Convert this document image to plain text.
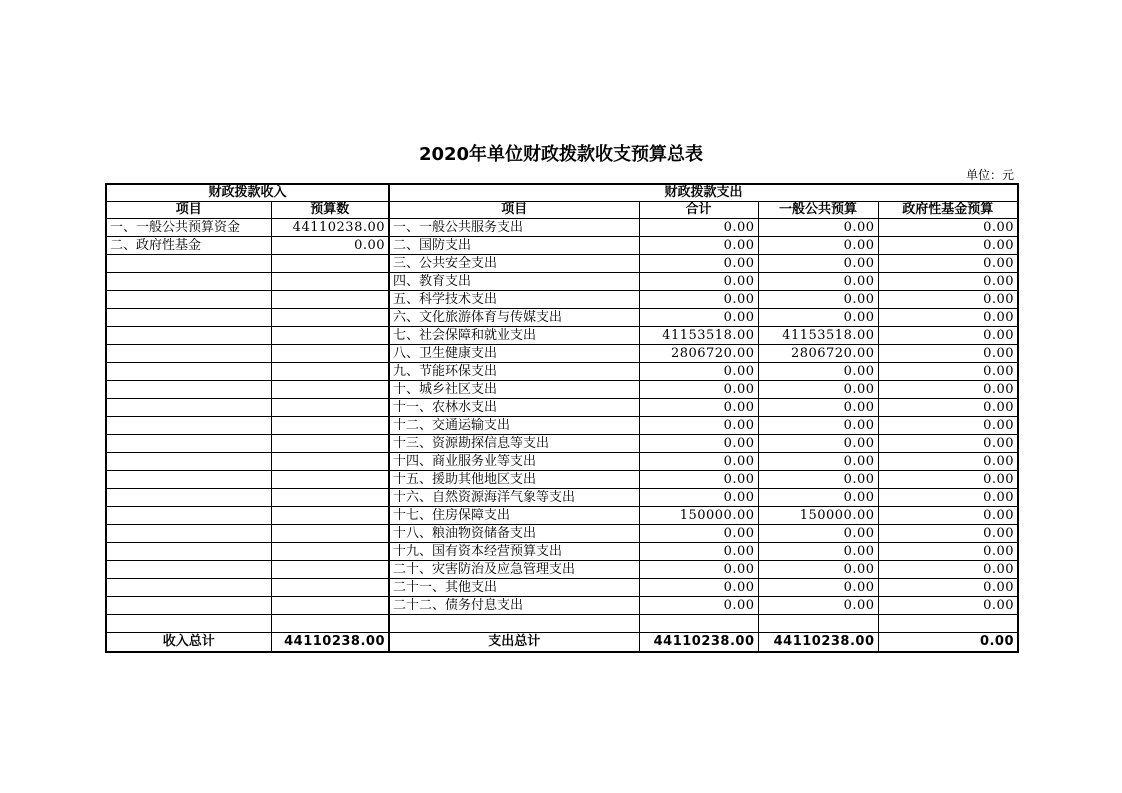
2020年单位财政拨款收支预算总表
单位：元
财政拨款收入		财政拨款支出			
项目	预算数	项目	合计	一般公共预算	政府性基金预算
一、一般公共预算资金	44110238.00	一、一般公共服务支出	0.00	0.00	0.00
二、政府性基金	0.00	二、国防支出	0.00	0.00	0.00
		三、公共安全支出	0.00	0.00	0.00
		四、教育支出	0.00	0.00	0.00
		五、科学技术支出	0.00	0.00	0.00
		六、文化旅游体育与传媒支出	0.00	0.00	0.00
		七、社会保障和就业支出	41153518.00	41153518.00	0.00
		八、卫生健康支出	2806720.00	2806720.00	0.00
		九、节能环保支出	0.00	0.00	0.00
		十、城乡社区支出	0.00	0.00	0.00
		十一、农林水支出	0.00	0.00	0.00
		十二、交通运输支出	0.00	0.00	0.00
		十三、资源勘探信息等支出	0.00	0.00	0.00
		十四、商业服务业等支出	0.00	0.00	0.00
		十五、援助其他地区支出	0.00	0.00	0.00
		十六、自然资源海洋气象等支出	0.00	0.00	0.00
		十七、住房保障支出	150000.00	150000.00	0.00
		十八、粮油物资储备支出	0.00	0.00	0.00
		十九、国有资本经营预算支出	0.00	0.00	0.00
		二十、灾害防治及应急管理支出	0.00	0.00	0.00
		二十一、其他支出	0.00	0.00	0.00
		二十二、债务付息支出	0.00	0.00	0.00

收入总计	44110238.00	支出总计	44110238.00	44110238.00	0.00
